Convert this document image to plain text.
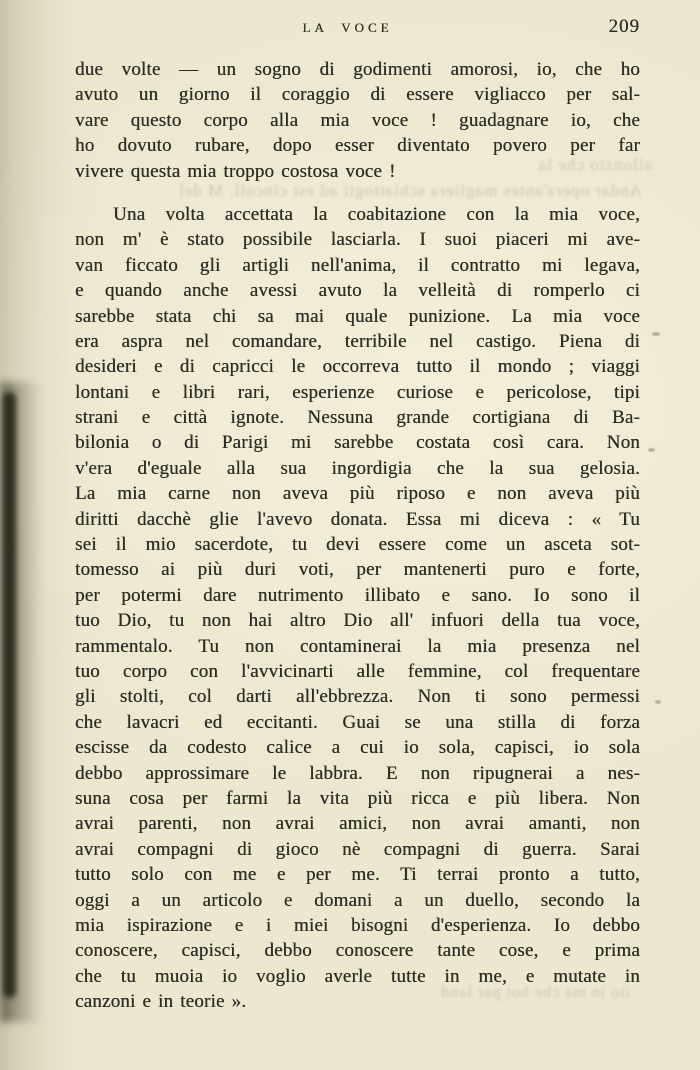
LA VOCE	209
due volte — un sogno di godimenti amorosi, io, che ho
avuto un giorno il coraggio di essere vigliacco per sal-
vare questo corpo alla mia voce ! guadagnare io, che
ho dovuto rubare, dopo esser diventato povero per far
vivere questa mia troppo costosa voce !
Una volta accettata la coabitazione con la mia voce,
non m' è stato possibile lasciarla. I suoi piaceri mi ave-
van ficcato gli artigli nell'anima, il contratto mi legava,
e quando anche avessi avuto la velleità di romperlo ci
sarebbe stata chi sa mai quale punizione. La mia voce
era aspra nel comandare, terribile nel castigo. Piena di
desideri e di capricci le occorreva tutto il mondo ; viaggi
lontani e libri rari, esperienze curiose e pericolose, tipi
strani e città ignote. Nessuna grande cortigiana di Ba-
bilonia o di Parigi mi sarebbe costata così cara. Non
v'era d'eguale alla sua ingordigia che la sua gelosia.
La mia carne non aveva più riposo e non aveva più
diritti dacchè glie l'avevo donata. Essa mi diceva : « Tu
sei il mio sacerdote, tu devi essere come un asceta sot-
tomesso ai più duri voti, per mantenerti puro e forte,
per potermi dare nutrimento illibato e sano. Io sono il
tuo Dio, tu non hai altro Dio all' infuori della tua voce,
rammentalo. Tu non contaminerai la mia presenza nel
tuo corpo con l'avvicinarti alle femmine, col frequentare
gli stolti, col darti all'ebbrezza. Non ti sono permessi
che lavacri ed eccitanti. Guai se una stilla di forza
escisse da codesto calice a cui io sola, capisci, io sola
debbo approssimare le labbra. E non ripugnerai a nes-
suna cosa per farmi la vita più ricca e più libera. Non
avrai parenti, non avrai amici, non avrai amanti, non
avrai compagni di gioco nè compagni di guerra. Sarai
tutto solo con me e per me. Ti terrai pronto a tutto,
oggi a un articolo e domani a un duello, secondo la
mia ispirazione e i miei bisogni d'esperienza. Io debbo
conoscere, capisci, debbo conoscere tante cose, e prima
che tu muoia io voglio averle tutte in me, e mutate in
canzoni e in teorie ».
allonzio che la
Andar opera'antes magliera schiattogti ad est cincoll. M del
ito in ma che hot par land
